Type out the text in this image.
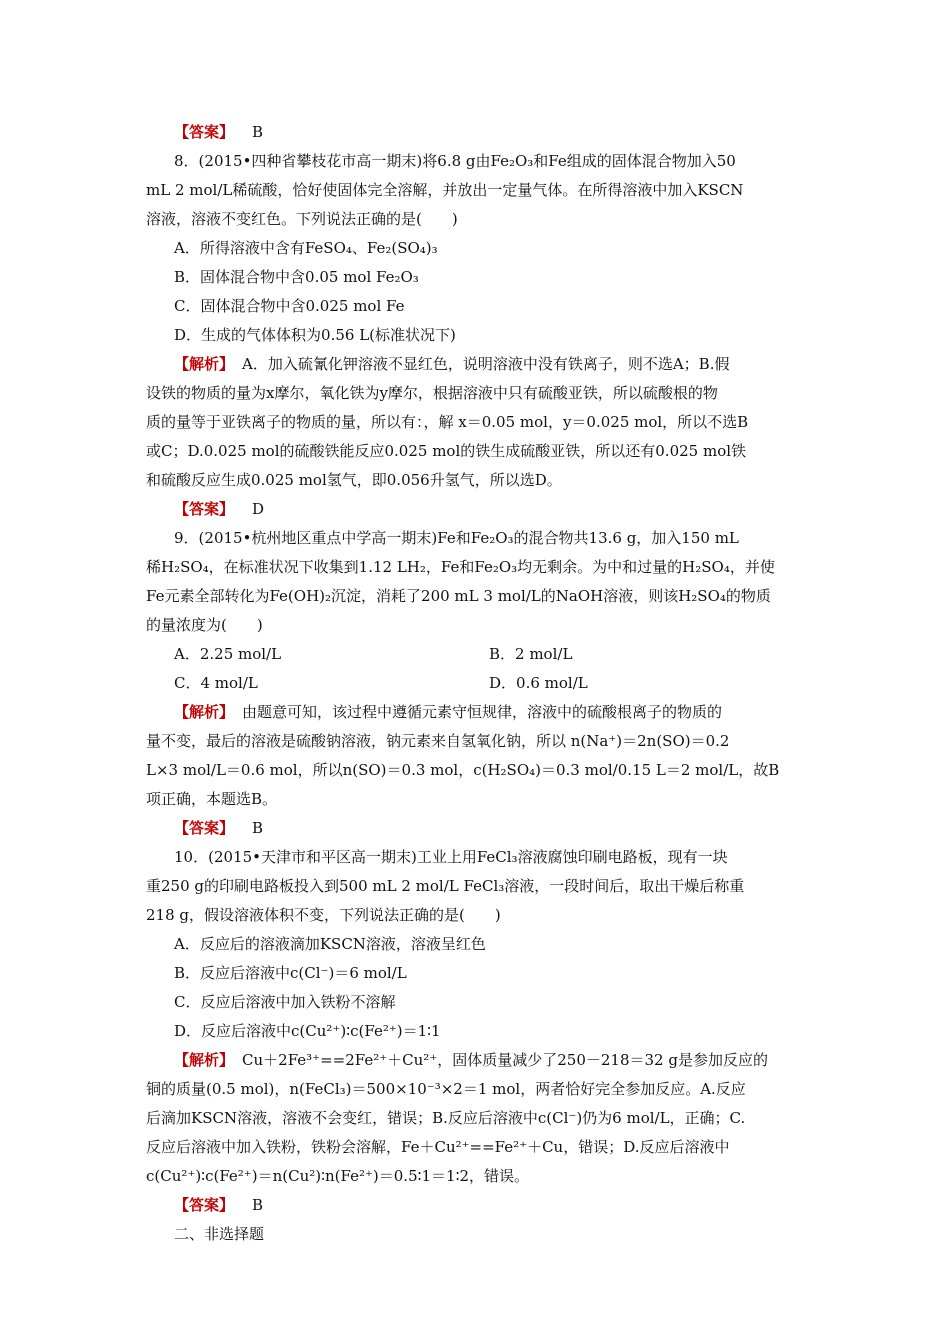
【答案】 B
8．(2015•四种省攀枝花市高一期末)将6.8 g由Fe₂O₃和Fe组成的固体混合物加入50
mL 2 mol/L稀硫酸，恰好使固体完全溶解，并放出一定量气体。在所得溶液中加入KSCN
溶液，溶液不变红色。下列说法正确的是(　　)
A．所得溶液中含有FeSO₄、Fe₂(SO₄)₃
B．固体混合物中含0.05 mol Fe₂O₃
C．固体混合物中含0.025 mol Fe
D．生成的气体体积为0.56 L(标准状况下)
【解析】 A．加入硫氰化钾溶液不显红色，说明溶液中没有铁离子，则不选A；B.假
设铁的物质的量为x摩尔，氧化铁为y摩尔，根据溶液中只有硫酸亚铁，所以硫酸根的物
质的量等于亚铁离子的物质的量，所以有：，解 x＝0.05 mol，y＝0.025 mol，所以不选B
或C；D.0.025 mol的硫酸铁能反应0.025 mol的铁生成硫酸亚铁，所以还有0.025 mol铁
和硫酸反应生成0.025 mol氢气，即0.056升氢气，所以选D。
【答案】 D
9．(2015•杭州地区重点中学高一期末)Fe和Fe₂O₃的混合物共13.6 g，加入150 mL
稀H₂SO₄，在标准状况下收集到1.12 LH₂，Fe和Fe₂O₃均无剩余。为中和过量的H₂SO₄，并使
Fe元素全部转化为Fe(OH)₂沉淀，消耗了200 mL 3 mol/L的NaOH溶液，则该H₂SO₄的物质
的量浓度为(　　)
A．2.25 mol/L	B．2 mol/L
C．4 mol/L	D．0.6 mol/L
【解析】 由题意可知，该过程中遵循元素守恒规律，溶液中的硫酸根离子的物质的
量不变，最后的溶液是硫酸钠溶液，钠元素来自氢氧化钠，所以 n(Na⁺)＝2n(SO)＝0.2
L×3 mol/L＝0.6 mol，所以n(SO)＝0.3 mol，c(H₂SO₄)＝0.3 mol/0.15 L＝2 mol/L，故B
项正确，本题选B。
【答案】 B
10．(2015•天津市和平区高一期末)工业上用FeCl₃溶液腐蚀印刷电路板，现有一块
重250 g的印刷电路板投入到500 mL 2 mol/L FeCl₃溶液，一段时间后，取出干燥后称重
218 g，假设溶液体积不变，下列说法正确的是(　　)
A．反应后的溶液滴加KSCN溶液，溶液呈红色
B．反应后溶液中c(Cl⁻)＝6 mol/L
C．反应后溶液中加入铁粉不溶解
D．反应后溶液中c(Cu²⁺)∶c(Fe²⁺)＝1∶1
【解析】 Cu＋2Fe³⁺==2Fe²⁺＋Cu²⁺，固体质量减少了250－218＝32 g是参加反应的
铜的质量(0.5 mol)，n(FeCl₃)＝500×10⁻³×2＝1 mol，两者恰好完全参加反应。A.反应
后滴加KSCN溶液，溶液不会变红，错误；B.反应后溶液中c(Cl⁻)仍为6 mol/L，正确；C.
反应后溶液中加入铁粉，铁粉会溶解，Fe＋Cu²⁺==Fe²⁺＋Cu，错误；D.反应后溶液中
c(Cu²⁺)∶c(Fe²⁺)＝n(Cu²)∶n(Fe²⁺)＝0.5∶1＝1∶2，错误。
【答案】 B
二、非选择题
